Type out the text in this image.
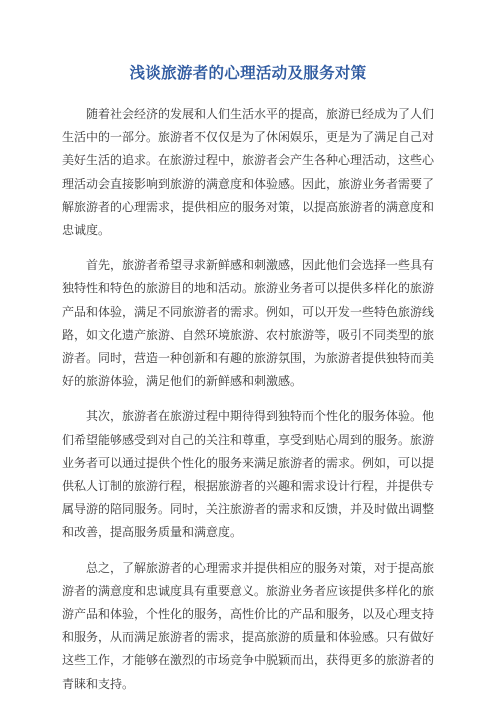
浅谈旅游者的心理活动及服务对策

随着社会经济的发展和人们生活水平的提高，旅游已经成为了人们生活中的一部分。旅游者不仅仅是为了休闲娱乐，更是为了满足自己对美好生活的追求。在旅游过程中，旅游者会产生各种心理活动，这些心理活动会直接影响到旅游的满意度和体验感。因此，旅游业务者需要了解旅游者的心理需求，提供相应的服务对策，以提高旅游者的满意度和忠诚度。

首先，旅游者希望寻求新鲜感和刺激感，因此他们会选择一些具有独特性和特色的旅游目的地和活动。旅游业务者可以提供多样化的旅游产品和体验，满足不同旅游者的需求。例如，可以开发一些特色旅游线路，如文化遗产旅游、自然环境旅游、农村旅游等，吸引不同类型的旅游者。同时，营造一种创新和有趣的旅游氛围，为旅游者提供独特而美好的旅游体验，满足他们的新鲜感和刺激感。

其次，旅游者在旅游过程中期待得到独特而个性化的服务体验。他们希望能够感受到对自己的关注和尊重，享受到贴心周到的服务。旅游业务者可以通过提供个性化的服务来满足旅游者的需求。例如，可以提供私人订制的旅游行程，根据旅游者的兴趣和需求设计行程，并提供专属导游的陪同服务。同时，关注旅游者的需求和反馈，并及时做出调整和改善，提高服务质量和满意度。

总之，了解旅游者的心理需求并提供相应的服务对策，对于提高旅游者的满意度和忠诚度具有重要意义。旅游业务者应该提供多样化的旅游产品和体验，个性化的服务，高性价比的产品和服务，以及心理支持和服务，从而满足旅游者的需求，提高旅游的质量和体验感。只有做好这些工作，才能够在激烈的市场竞争中脱颖而出，获得更多的旅游者的青睐和支持。
